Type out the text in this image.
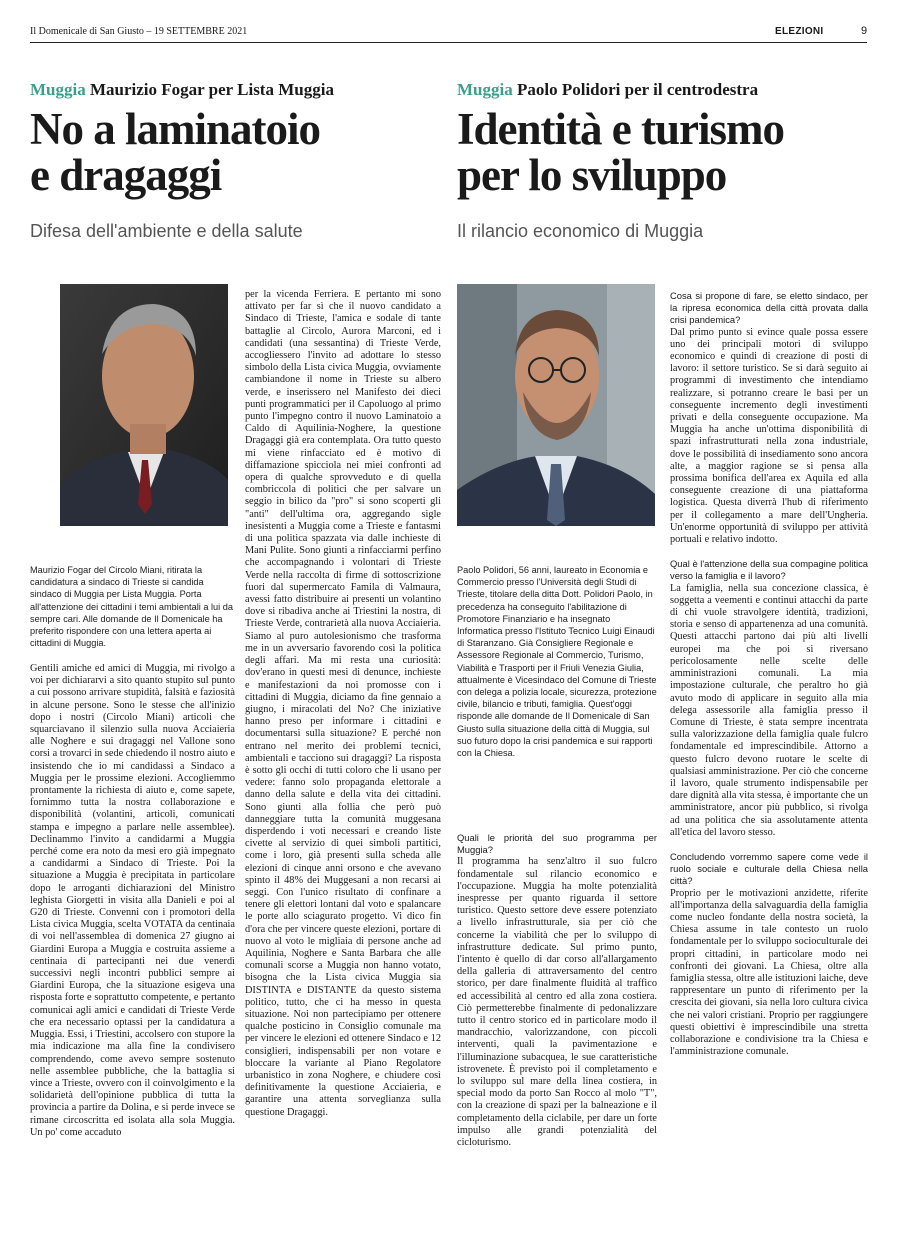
Il Domenicale di San Giusto – 19 SETTEMBRE 2021	ELEZIONI	9
Muggia Maurizio Fogar per Lista Muggia
No a laminatoio
e dragaggi
Difesa dell'ambiente e della salute
Maurizio Fogar del Circolo Miani, ritirata la candidatura a sindaco di Trieste si candida sindaco di Muggia per Lista Muggia. Porta all'attenzione dei cittadini i temi ambientali a lui da sempre cari. Alle domande de Il Domenicale ha preferito rispondere con una lettera aperta ai cittadini di Muggia.
Gentili amiche ed amici di Muggia, mi rivolgo a voi per dichiararvi a sito quanto stupito sul punto a cui possono arrivare stupidità, falsità e faziosità in alcune persone. Sono le stesse che all'inizio dopo i nostri (Circolo Miani) articoli che squarciavano il silenzio sulla nuova Acciaieria alle Noghere e sui dragaggi nel Vallone sono corsi a trovarci in sede chiedendo il nostro aiuto e insistendo che io mi candidassi a Sindaco a Muggia per le prossime elezioni. Accogliemmo prontamente la richiesta di aiuto e, come sapete, fornimmo tutta la nostra collaborazione e disponibilità (volantini, articoli, comunicati stampa e impegno a parlare nelle assemblee). Declinammo l'invito a candidarmi a Muggia perché come era noto da mesi ero già impegnato a candidarmi a Sindaco di Trieste. Poi la situazione a Muggia è precipitata in particolare dopo le arroganti dichiarazioni del Ministro leghista Giorgetti in visita alla Danieli e poi al G20 di Trieste. Convenni con i promotori della Lista civica Muggia, scelta VOTATA da centinaia di voi nell'assemblea di domenica 27 giugno ai Giardini Europa a Muggia e costruita assieme a centinaia di partecipanti nei due venerdì successivi negli incontri pubblici sempre ai Giardini Europa, che la situazione esigeva una risposta forte e soprattutto competente, e pertanto comunicai agli amici e candidati di Trieste Verde che era necessario optassi per la candidatura a Muggia. Essi, i Triestini, accolsero con stupore la mia indicazione ma alla fine la condivisero comprendendo, come avevo sempre sostenuto nelle assemblee pubbliche, che la battaglia si vince a Trieste, ovvero con il coinvolgimento e la solidarietà dell'opinione pubblica di tutta la provincia a partire da Dolina, e si perde invece se rimane circoscritta ed isolata alla sola Muggia. Un po' come accaduto
per la vicenda Ferriera. E pertanto mi sono attivato per far sì che il nuovo candidato a Sindaco di Trieste, l'amica e sodale di tante battaglie al Circolo, Aurora Marconi, ed i candidati (una sessantina) di Trieste Verde, accogliessero l'invito ad adottare lo stesso simbolo della Lista civica Muggia, ovviamente cambiandone il nome in Trieste su albero verde, e inserissero nel Manifesto dei dieci punti programmatici per il Capoluogo al primo punto l'impegno contro il nuovo Laminatoio a Caldo di Aquilinia-Noghere, la questione Dragaggi già era contemplata. Ora tutto questo mi viene rinfacciato ed è motivo di diffamazione spicciola nei miei confronti ad opera di qualche sprovveduto e di quella combriccola di politici che per salvare un seggio in bilico da "pro" si sono scoperti gli "anti" dell'ultima ora, aggregando sigle inesistenti a Muggia come a Trieste e fantasmi di una politica spazzata via dalle inchieste di Mani Pulite. Sono giunti a rinfacciarmi perfino che accompagnando i volontari di Trieste Verde nella raccolta di firme di sottoscrizione fuori dal supermercato Famila di Valmaura, avessi fatto distribuire ai presenti un volantino dove si ribadiva anche ai Triestini la nostra, di Trieste Verde, contrarietà alla nuova Acciaieria. Siamo al puro autolesionismo che trasforma me in un avversario favorendo così la politica degli affari. Ma mi resta una curiosità: dov'erano in questi mesi di denunce, inchieste e manifestazioni da noi promosse con i cittadini di Muggia, diciamo da fine gennaio a giugno, i miracolati del No? Che iniziative hanno preso per informare i cittadini e documentarsi sulla situazione? E perché non entrano nel merito dei problemi tecnici, ambientali e tacciono sui dragaggi? La risposta è sotto gli occhi di tutti coloro che li usano per vedere: fanno solo propaganda elettorale a danno della salute e della vita dei cittadini. Sono giunti alla follia che però può danneggiare tutta la comunità muggesana disperdendo i voti necessari e creando liste civette al servizio di quei simboli partitici, come i loro, già presenti sulla scheda alle elezioni di cinque anni orsono e che avevano spinto il 48% dei Muggesani a non recarsi ai seggi. Con l'unico risultato di confinare a tenere gli elettori lontani dal voto e spalancare le porte allo sciagurato progetto. Vi dico fin d'ora che per vincere queste elezioni, portare di nuovo al voto le migliaia di persone anche ad Aquilinia, Noghere e Santa Barbara che alle comunali scorse a Muggia non hanno votato, bisogna che la Lista civica Muggia sia DISTINTA e DISTANTE da questo sistema politico, tutto, che ci ha messo in questa situazione. Noi non partecipiamo per ottenere qualche posticino in Consiglio comunale ma per vincere le elezioni ed ottenere Sindaco e 12 consiglieri, indispensabili per non votare e bloccare la variante al Piano Regolatore urbanistico in zona Noghere, e chiudere così definitivamente la questione Acciaieria, e garantire una attenta sorveglianza sulla questione Dragaggi.
Muggia Paolo Polidori per il centrodestra
Identità e turismo
per lo sviluppo
Il rilancio economico di Muggia
Paolo Polidori, 56 anni, laureato in Economia e Commercio presso l'Università degli Studi di Trieste, titolare della ditta Dott. Polidori Paolo, in precedenza ha conseguito l'abilitazione di Promotore Finanziario e ha insegnato Informatica presso l'Istituto Tecnico Luigi Einaudi di Staranzano. Già Consigliere Regionale e Assessore Regionale al Commercio, Turismo, Viabilità e Trasporti per il Friuli Venezia Giulia, attualmente è Vicesindaco del Comune di Trieste con delega a polizia locale, sicurezza, protezione civile, bilancio e tributi, famiglia. Quest'oggi risponde alle domande de Il Domenicale di San Giusto sulla situazione della città di Muggia, sul suo futuro dopo la crisi pandemica e sui rapporti con la Chiesa.

Quali le priorità del suo programma per Muggia?

Il programma ha senz'altro il suo fulcro fondamentale sul rilancio economico e l'occupazione. Muggia ha molte potenzialità inespresse per quanto riguarda il settore turistico. Questo settore deve essere potenziato a livello infrastrutturale, sia per ciò che concerne la viabilità che per lo sviluppo di infrastrutture dedicate. Sul primo punto, l'intento è quello di dar corso all'allargamento della galleria di attraversamento del centro storico, per dare finalmente fluidità al traffico ed accessibilità al centro ed alla zona costiera. Ciò permetterebbe finalmente di pedonalizzare tutto il centro storico ed in particolare modo il mandracchio, valorizzandone, con piccoli interventi, quali la pavimentazione e l'illuminazione subacquea, le sue caratteristiche istrovenete. È previsto poi il completamento e lo sviluppo sul mare della linea costiera, in special modo da porto San Rocco al molo "T", con la creazione di spazi per la balneazione e il completamento della ciclabile, per dare un forte impulso alle grandi potenzialità del cicloturismo.

Cosa si propone di fare, se eletto sindaco, per la ripresa economica della città provata dalla crisi pandemica?

Dal primo punto si evince quale possa essere uno dei principali motori di sviluppo economico e quindi di creazione di posti di lavoro: il settore turistico. Se si darà seguito ai programmi di investimento che intendiamo realizzare, si potranno creare le basi per un conseguente incremento degli investimenti privati e della conseguente occupazione. Ma Muggia ha anche un'ottima disponibilità di spazi infrastrutturati nella zona industriale, dove le possibilità di insediamento sono ancora alte, a maggior ragione se si pensa alla prossima bonifica dell'area ex Aquila ed alla conseguente creazione di una piattaforma logistica. Questa diverrà l'hub di riferimento per il collegamento a mare dell'Ungheria. Un'enorme opportunità di sviluppo per attività portuali e relativo indotto.

Qual è l'attenzione della sua compagine politica verso la famiglia e il lavoro?

La famiglia, nella sua concezione classica, è soggetta a veementi e continui attacchi da parte di chi vuole stravolgere identità, tradizioni, storia e senso di appartenenza ad una comunità. Questi attacchi partono dai più alti livelli europei ma che poi si riversano pericolosamente nelle scelte delle amministrazioni comunali. La mia impostazione culturale, che peraltro ho già avuto modo di applicare in seguito alla mia delega assessorile alla famiglia presso il Comune di Trieste, è stata sempre incentrata sulla valorizzazione della famiglia quale fulcro fondamentale ed imprescindibile. Attorno a questo fulcro devono ruotare le scelte di qualsiasi amministrazione. Per ciò che concerne il lavoro, quale strumento indispensabile per dare dignità alla vita stessa, è importante che un amministratore, ancor più pubblico, si rivolga ad una politica che sia assolutamente attenta all'etica del lavoro stesso.

Concludendo vorremmo sapere come vede il ruolo sociale e culturale della Chiesa nella città?

Proprio per le motivazioni anzidette, riferite all'importanza della salvaguardia della famiglia come nucleo fondante della nostra società, la Chiesa assume in tale contesto un ruolo fondamentale per lo sviluppo socioculturale dei propri cittadini, in particolare modo nei confronti dei giovani. La Chiesa, oltre alla famiglia stessa, oltre alle istituzioni laiche, deve rappresentare un punto di riferimento per la crescita dei giovani, sia nella loro cultura civica che nei valori cristiani. Proprio per raggiungere questi obiettivi è imprescindibile una stretta collaborazione e condivisione tra la Chiesa e l'amministrazione comunale.
